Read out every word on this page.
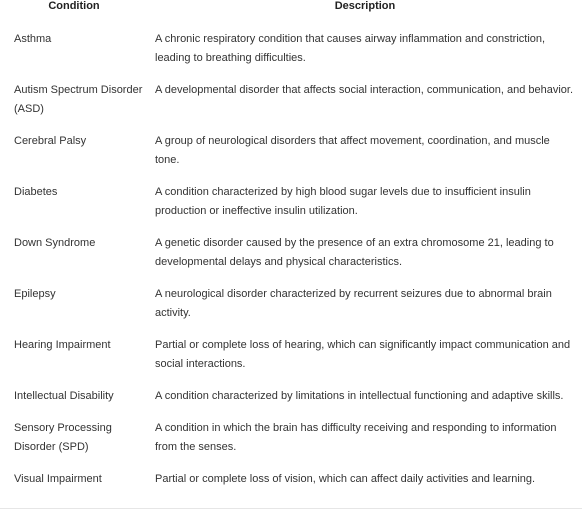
Condition	Description
Asthma	A chronic respiratory condition that causes airway inflammation and constriction, leading to breathing difficulties.
Autism Spectrum Disorder (ASD)	A developmental disorder that affects social interaction, communication, and behavior.
Cerebral Palsy	A group of neurological disorders that affect movement, coordination, and muscle tone.
Diabetes	A condition characterized by high blood sugar levels due to insufficient insulin production or ineffective insulin utilization.
Down Syndrome	A genetic disorder caused by the presence of an extra chromosome 21, leading to developmental delays and physical characteristics.
Epilepsy	A neurological disorder characterized by recurrent seizures due to abnormal brain activity.
Hearing Impairment	Partial or complete loss of hearing, which can significantly impact communication and social interactions.
Intellectual Disability	A condition characterized by limitations in intellectual functioning and adaptive skills.
Sensory Processing Disorder (SPD)	A condition in which the brain has difficulty receiving and responding to information from the senses.
Visual Impairment	Partial or complete loss of vision, which can affect daily activities and learning.
